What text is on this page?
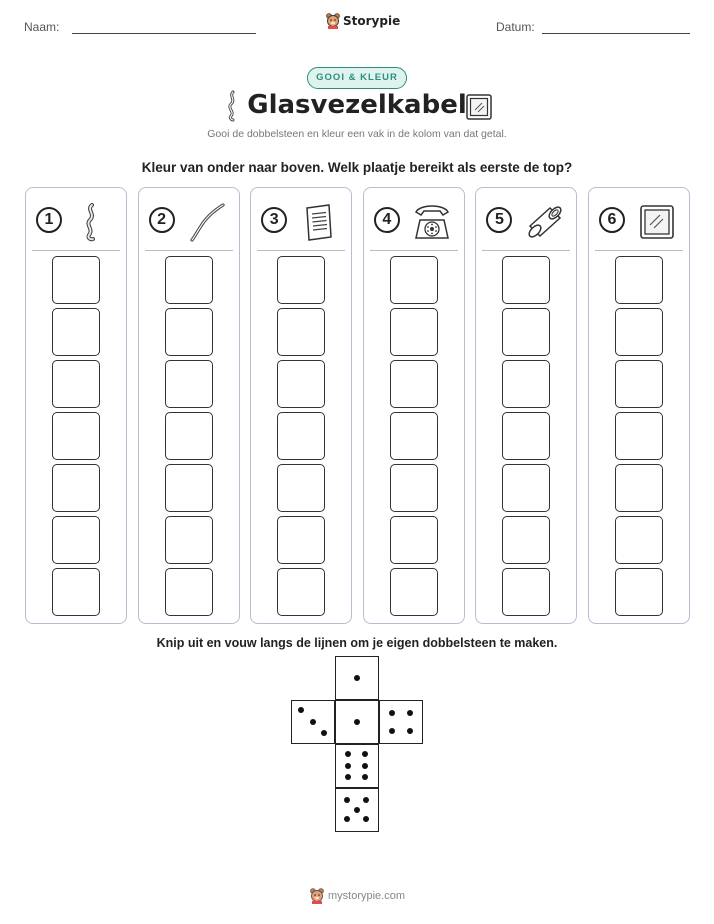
Naam:	Storypie	Datum:
GOOI & KLEUR
Glasvezelkabel
Gooi de dobbelsteen en kleur een vak in de kolom van dat getal.
Kleur van onder naar boven. Welk plaatje bereikt als eerste de top?
1	2	3	4	5	6
Knip uit en vouw langs de lijnen om je eigen dobbelsteen te maken.
mystorypie.com
